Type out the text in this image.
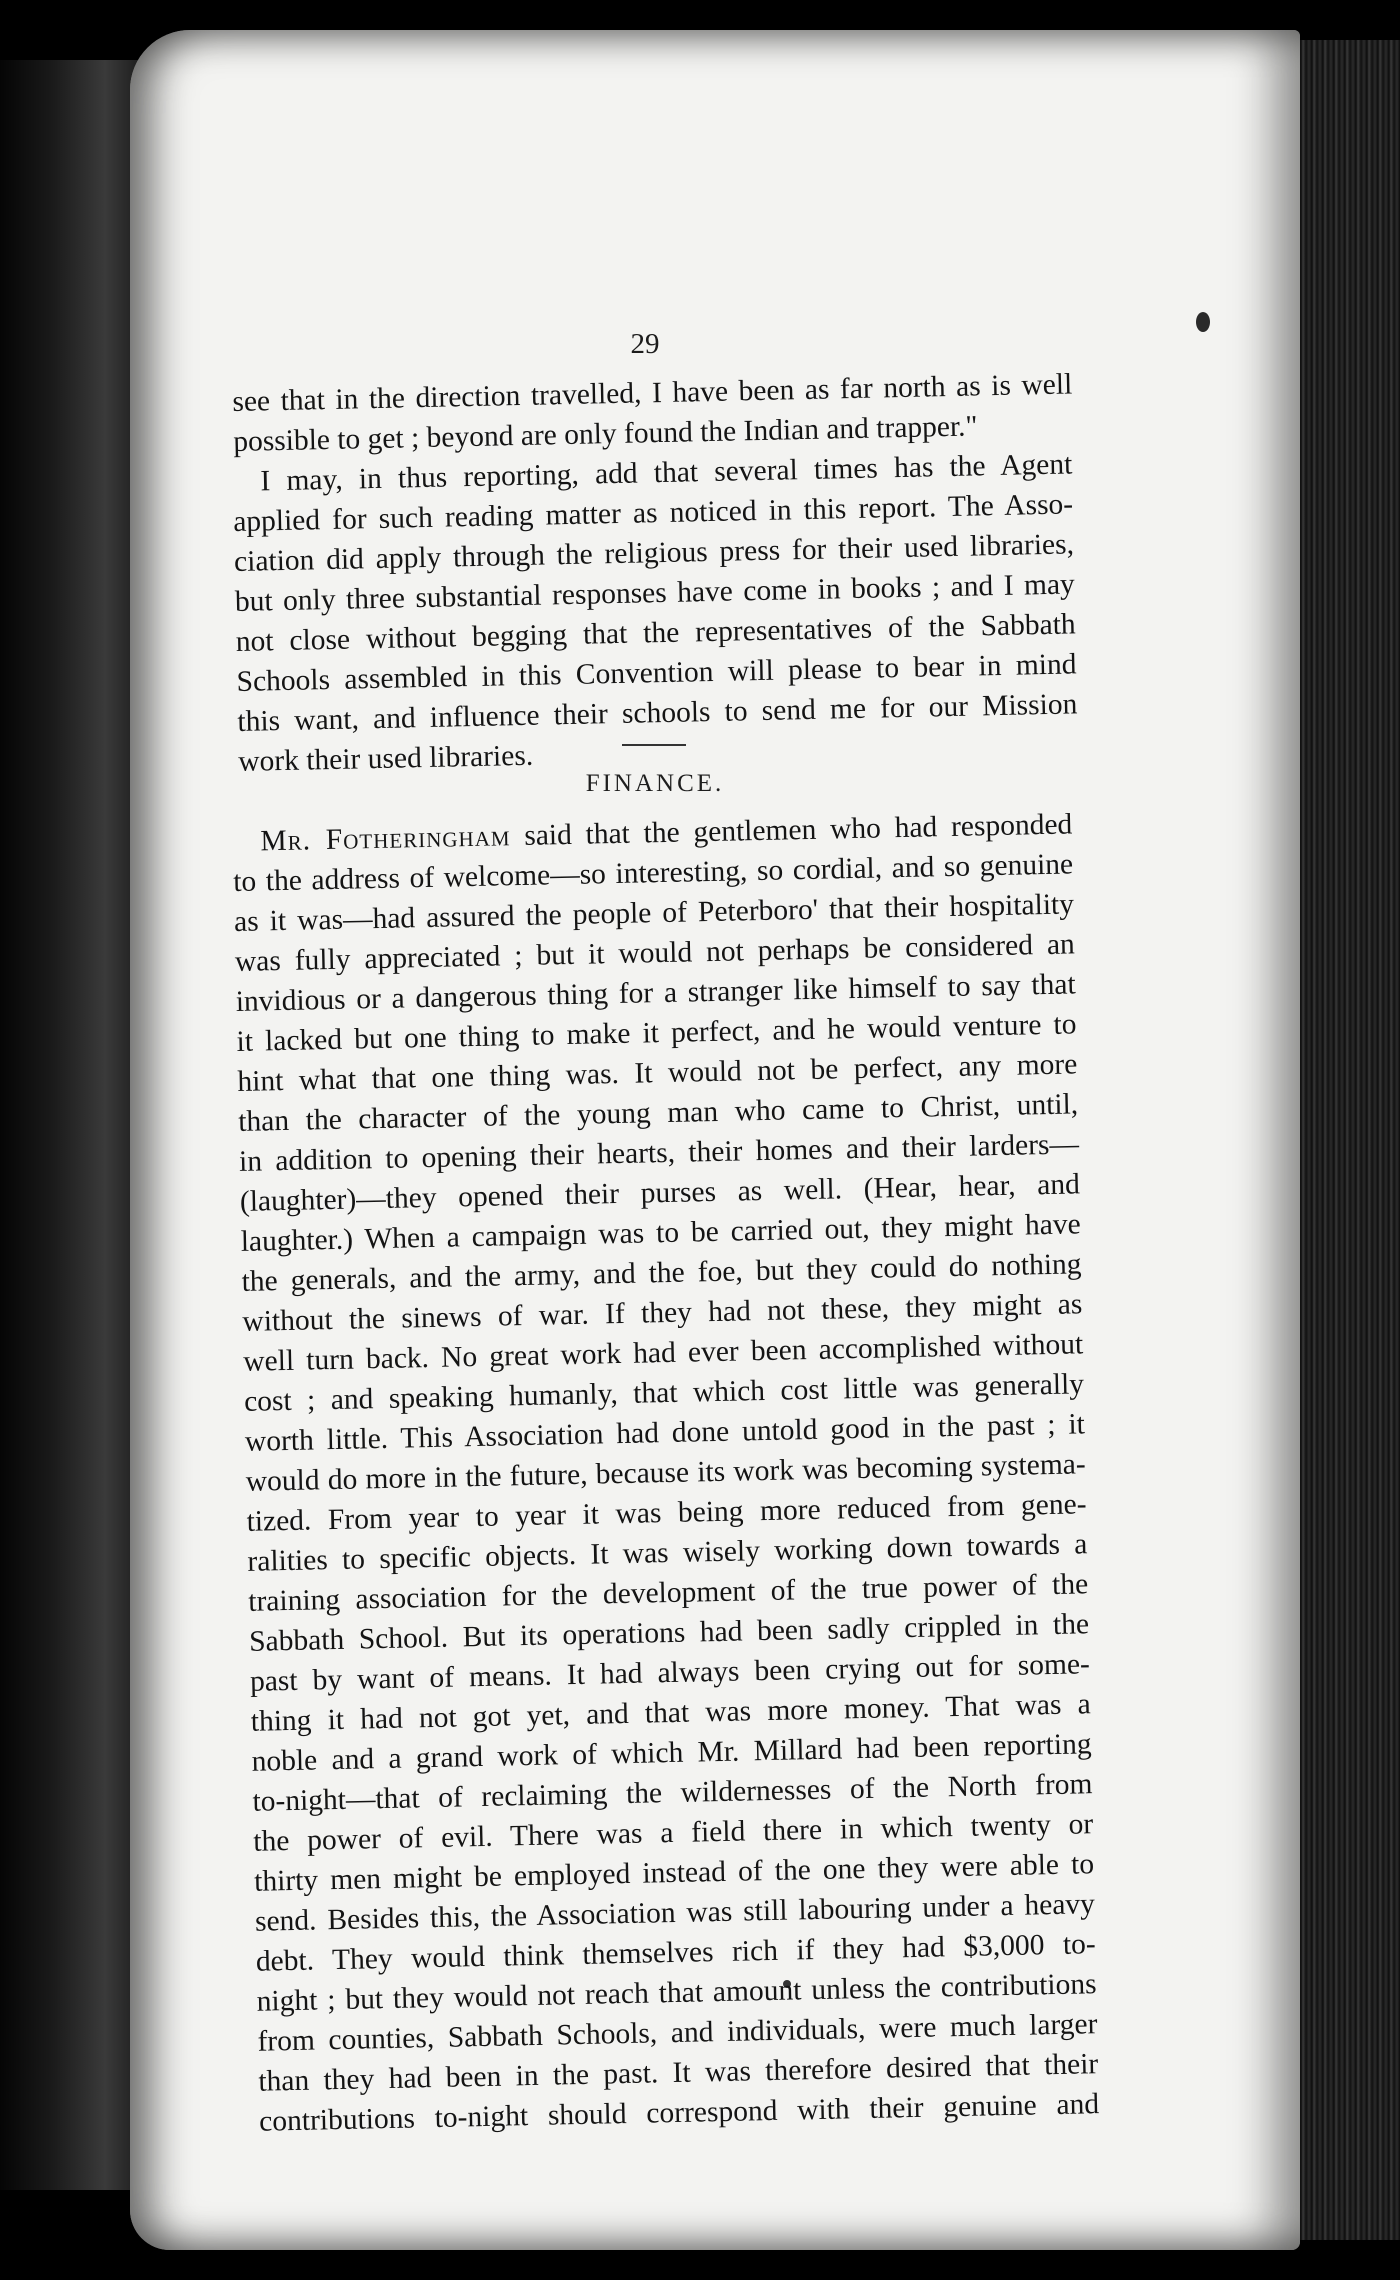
29
see that in the direction travelled, I have been as far north as is well
possible to get ; beyond are only found the Indian and trapper."
I may, in thus reporting, add that several times has the Agent
applied for such reading matter as noticed in this report. The Asso-
ciation did apply through the religious press for their used libraries,
but only three substantial responses have come in books ; and I may
not close without begging that the representatives of the Sabbath
Schools assembled in this Convention will please to bear in mind
this want, and influence their schools to send me for our Mission
work their used libraries.
FINANCE.
Mr. Fotheringham said that the gentlemen who had responded
to the address of welcome—so interesting, so cordial, and so genuine
as it was—had assured the people of Peterboro' that their hospitality
was fully appreciated ; but it would not perhaps be considered an
invidious or a dangerous thing for a stranger like himself to say that
it lacked but one thing to make it perfect, and he would venture to
hint what that one thing was. It would not be perfect, any more
than the character of the young man who came to Christ, until,
in addition to opening their hearts, their homes and their larders—
(laughter)—they opened their purses as well. (Hear, hear, and
laughter.) When a campaign was to be carried out, they might have
the generals, and the army, and the foe, but they could do nothing
without the sinews of war. If they had not these, they might as
well turn back. No great work had ever been accomplished without
cost ; and speaking humanly, that which cost little was generally
worth little. This Association had done untold good in the past ; it
would do more in the future, because its work was becoming systema-
tized. From year to year it was being more reduced from gene-
ralities to specific objects. It was wisely working down towards a
training association for the development of the true power of the
Sabbath School. But its operations had been sadly crippled in the
past by want of means. It had always been crying out for some-
thing it had not got yet, and that was more money. That was a
noble and a grand work of which Mr. Millard had been reporting
to-night—that of reclaiming the wildernesses of the North from
the power of evil. There was a field there in which twenty or
thirty men might be employed instead of the one they were able to
send. Besides this, the Association was still labouring under a heavy
debt. They would think themselves rich if they had $3,000 to-
night ; but they would not reach that amount unless the contributions
from counties, Sabbath Schools, and individuals, were much larger
than they had been in the past. It was therefore desired that their
contributions to-night should correspond with their genuine and
